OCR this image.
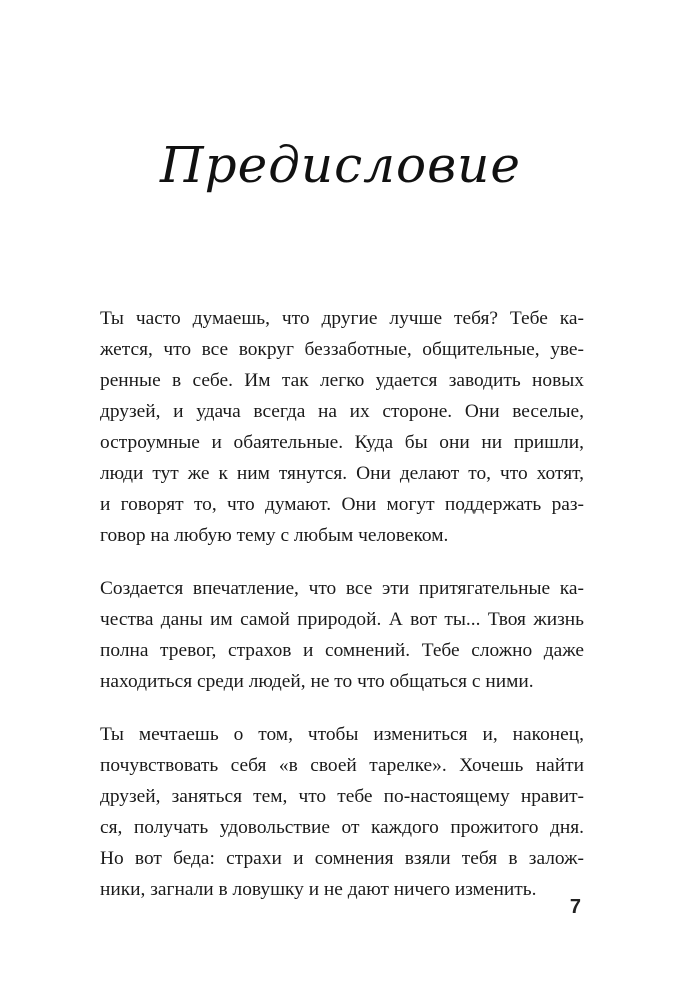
Предисловие

Ты часто думаешь, что другие лучше тебя? Тебе ка-
жется, что все вокруг беззаботные, общительные, уве-
ренные в себе. Им так легко удается заводить новых
друзей, и удача всегда на их стороне. Они веселые,
остроумные и обаятельные. Куда бы они ни пришли,
люди тут же к ним тянутся. Они делают то, что хотят,
и говорят то, что думают. Они могут поддержать раз-
говор на любую тему с любым человеком.

Создается впечатление, что все эти притягательные ка-
чества даны им самой природой. А вот ты... Твоя жизнь
полна тревог, страхов и сомнений. Тебе сложно даже
находиться среди людей, не то что общаться с ними.

Ты мечтаешь о том, чтобы измениться и, наконец,
почувствовать себя «в своей тарелке». Хочешь найти
друзей, заняться тем, что тебе по-настоящему нравит-
ся, получать удовольствие от каждого прожитого дня.
Но вот беда: страхи и сомнения взяли тебя в залож-
ники, загнали в ловушку и не дают ничего изменить.

7
